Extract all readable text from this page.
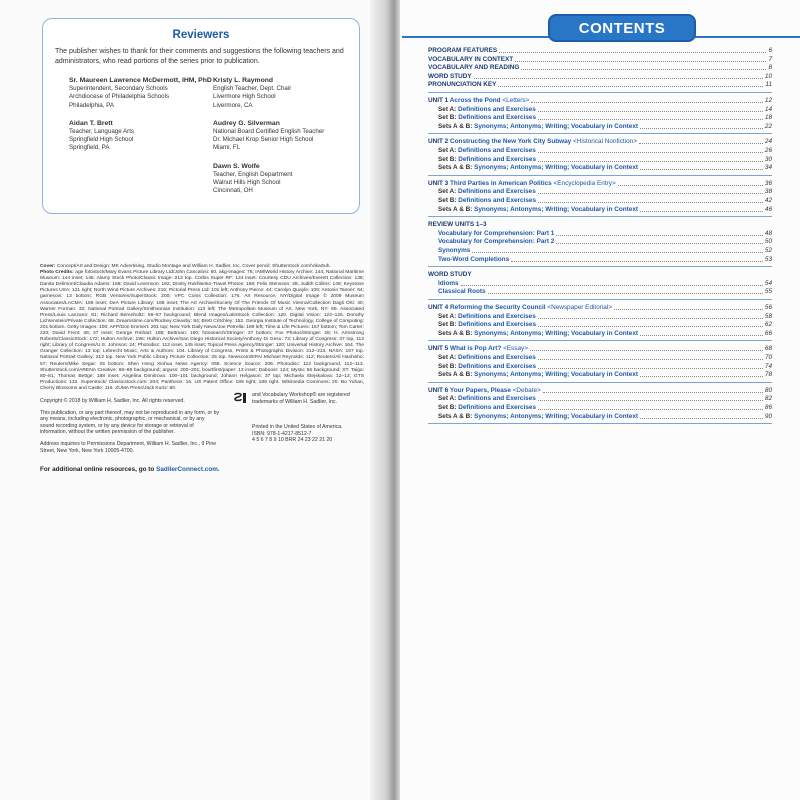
Reviewers
The publisher wishes to thank for their comments and suggestions the following teachers and administrators, who read portions of the series prior to publication.
Sr. Maureen Lawrence McDermott, IHM, PhD
Superintendent, Secondary Schools
Archdiocese of Philadelphia Schools
Philadelphia, PA
Aidan T. Brett
Teacher, Language Arts
Springfield High School
Springfield, PA
Kristy L. Raymond
English Teacher, Dept. Chair
Livermore High School
Livermore, CA
Audrey G. Silverman
National Board Certified English Teacher
Dr. Michael Krop Senior High School
Miami, FL
Dawn S. Wolfe
Teacher, English Department
Walnut Hills High School
Cincinnati, OH
Cover: Concept/Art and Design: MK Advertising, Studio Montage and William H. Sadlier, Inc. Cover pencil: Shutterstock.com/VikaSuh.
Photo Credits: age fotostock/Mary Evans Picture Library Ltd/John Cancalosi: 60. akg-images: 76; IAM/World History Archive: 144; National Maritime Museum: 144 inset; 145. Alamy Stock Photo/Classic Image: 212 top. Corbis Super RF: 124 inset. Courtesy CDU Archives/Everett Collection: 136; Danita Delimont/Claudia Adams: 168; David Levenson: 192; Dmitry Rukhlenko-Travel Photos: 168; Felix Stensson: 38; Judith Collins: 148; Keystone Pictures USA: 121 right; North Wind Picture Archives: 216; Pictorial Press Ltd: 101 left; Anthony Pierce: 44; Carolyn Quayle: 106; Antonio Tanner: 64; garnesovi: 13 bottom; RGB Ventures/SuperStock: 200; VPC Coins Collection: 176. Art Resource, NY/Digital Image © 2009 Museum Associates/LACMA: 169 inset; DeA Picture Library: 168 inset; The Art Archive/Society Of The Friends Of Music Vienna/Collection Dagli Orti: 40; Warner Forman: 32; National Portrait Gallery/Smithsonian Institution: 113 left; The Metropolitan Museum of Art, New York, NY: 69. Associated Press/Louis Lanzano: 81; Richard Berenholtz: 56–57 background; Blend Images/LatinStock Collection: 120. Digital Vision: 124–125. Dorothy Lichtenstein/Private Collection: 68. Dreamstime.com/Rodney Cleasby: 84; Brett Critchley: 152. Georgia Institute of Technology, College of Computing: 201 bottom. Getty Images: 100; AFP/Don Emmert: 201 top; New York Daily News/Joe Petrella: 189 left; Time & Life Pictures: 157 bottom; Tom Carter: 220; David Frent: 36; 37 inset; George Rinhart: 188; Bettman: 160; fotosearch/Stringer: 37 bottom; Fox Photos/Stringer: 28; H. Armstrong Roberts/ClassicStock: 172; Hulton Archive: 196; Hulton Archive/San Diego Historical Society/Anthony Di Gesu: 72; Library of Congress: 37 top, 113 right; Library of Congress/U.S. Johnson: 24; Photodisc: 113 inset, 145 inset; Topical Press Agency/Stringer: 120; Universal History Archive: 164. The Granger Collection: 13 top; Lebrecht Music, Arts & Authors: 104. Library of Congress, Prints & Photographs Division: 212–213. NASA: 157 top. National Portrait Gallery: 213 top. New York Public Library Picture Collection: 25 top. Newscom/EPA/ Michael Reynolds: 112; Reuters/Ali Hashisho: 57; Reuters/Mike Segar: 25 bottom; Shen Hong Xinhua News Agency: 056. Science Source: 208. Photodisc: 112 background, 112–113. Shutterstock.com/ARENA Creative: 68–69 background; arguss: 200–201; bourtfirst/paper: 13 inset; Daboost: 124; Mystic 56 background; ST. Taiga: 80–81; Thomas Bettge: 188 inset; Angelina Dimitrova: 100–101 background; Johann Helgason: 37 top; Michaela Stejskalova: 12–13; GTS Productions: 132. Superstock/ Classicstock.com: 204; Pantheon: 16. US Patent Office: 189 right; 189 right. Wikimedia Commons: 20. Bo Yuhan, Cherry Blossoms and Castle: 116. ZUMA Press/Jack Kurtz: 80.

Copyright © 2018 by William H. Sadlier, Inc. All rights reserved.

This publication, or any part thereof, may not be reproduced in any form, or by any means, including electronic, photographic, or mechanical, or by any sound recording system, or by any device for storage or retrieval of information, without the written permission of the publisher.

Address inquiries to Permissions Department, William H. Sadlier, Inc., 9 Pine Street, New York, New York 10005-4700.

and Vocabulary Workshop® are registered trademarks of William H. Sadlier, Inc.
Printed in the United States of America.
ISBN: 978-1-4217-8512-7
4 5 6 7 8 9 10 BRR 24 23 22 21 20
For additional online resources, go to SadlierConnect.com.
CONTENTS
PROGRAM FEATURES	6
VOCABULARY IN CONTEXT	7
VOCABULARY AND READING	8
WORD STUDY	10
PRONUNCIATION KEY	11
UNIT 1 Across the Pond <Letters>	12
Set A: Definitions and Exercises	14
Set B: Definitions and Exercises	18
Sets A & B: Synonyms; Antonyms; Writing; Vocabulary in Context	22
UNIT 2 Constructing the New York City Subway <Historical Nonfiction>	24
Set A: Definitions and Exercises	26
Set B: Definitions and Exercises	30
Sets A & B: Synonyms; Antonyms; Writing; Vocabulary in Context	34
UNIT 3 Third Parties in American Politics <Encyclopedia Entry>	36
Set A: Definitions and Exercises	38
Set B: Definitions and Exercises	42
Sets A & B: Synonyms; Antonyms; Writing; Vocabulary in Context	46
REVIEW UNITS 1–3
Vocabulary for Comprehension: Part 1	48
Vocabulary for Comprehension: Part 2	50
Synonyms	52
Two-Word Completions	53
WORD STUDY
Idioms	54
Classical Roots	55
UNIT 4 Reforming the Security Council <Newspaper Editorial>	56
Set A: Definitions and Exercises	58
Set B: Definitions and Exercises	62
Sets A & B: Synonyms; Antonyms; Writing; Vocabulary in Context	66
UNIT 5 What is Pop Art? <Essay>	68
Set A: Definitions and Exercises	70
Set B: Definitions and Exercises	74
Sets A & B: Synonyms; Antonyms; Writing; Vocabulary in Context	78
UNIT 6 Your Papers, Please <Debate>	80
Set A: Definitions and Exercises	82
Set B: Definitions and Exercises	86
Sets A & B: Synonyms; Antonyms; Writing; Vocabulary in Context	90
